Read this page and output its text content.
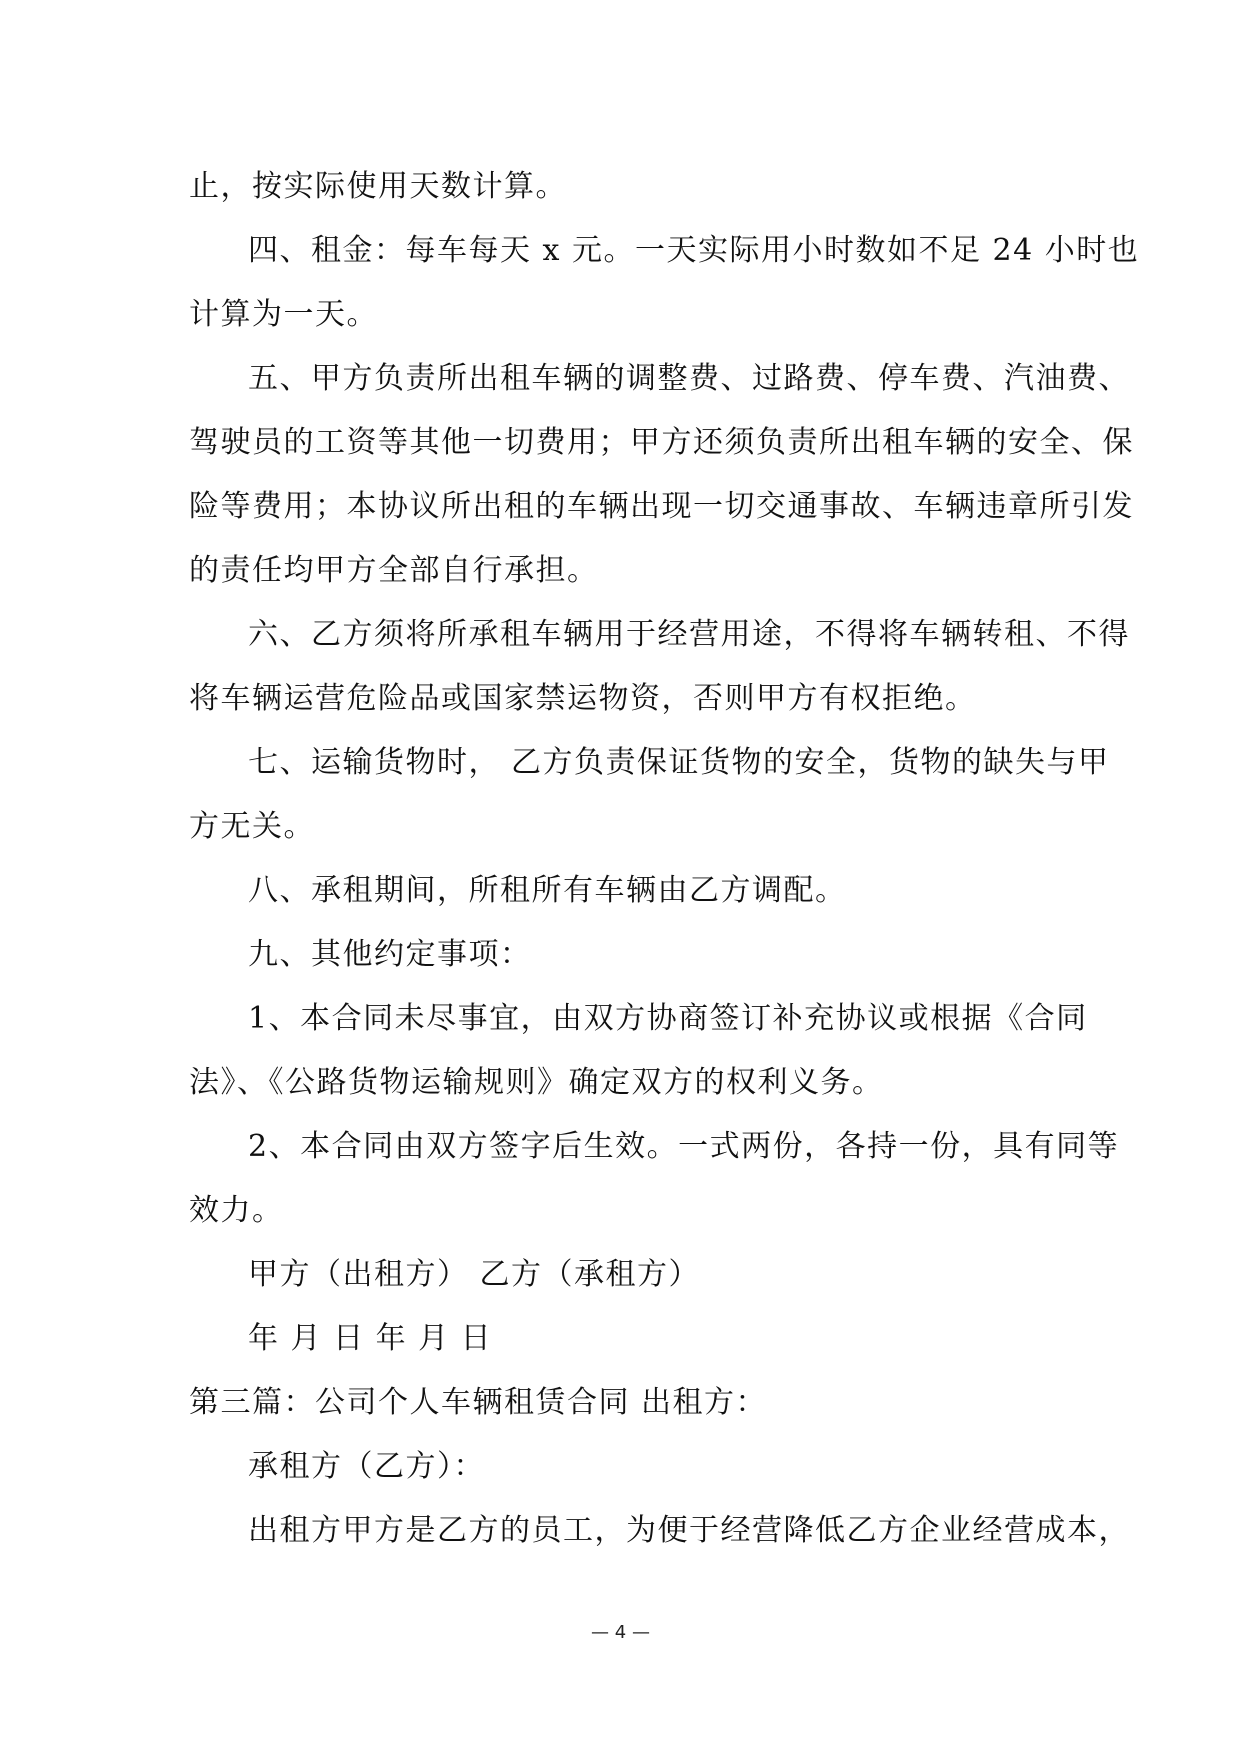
止，按实际使用天数计算。
四、租金：每车每天 x 元。一天实际用小时数如不足 24 小时也
计算为一天。
五、甲方负责所出租车辆的调整费、过路费、停车费、汽油费、
驾驶员的工资等其他一切费用；甲方还须负责所出租车辆的安全、保
险等费用；本协议所出租的车辆出现一切交通事故、车辆违章所引发
的责任均甲方全部自行承担。
六、乙方须将所承租车辆用于经营用途，不得将车辆转租、不得
将车辆运营危险品或国家禁运物资，否则甲方有权拒绝。
七、运输货物时， 乙方负责保证货物的安全，货物的缺失与甲
方无关。
八、承租期间，所租所有车辆由乙方调配。
九、其他约定事项：
1、本合同未尽事宜，由双方协商签订补充协议或根据《合同
法》、《公路货物运输规则》确定双方的权利义务。
2、本合同由双方签字后生效。一式两份，各持一份，具有同等
效力。
甲方（出租方） 乙方（承租方）
年 月 日 年 月 日
第三篇：公司个人车辆租赁合同 出租方：
承租方（乙方）：
出租方甲方是乙方的员工，为便于经营降低乙方企业经营成本，
— 4 —
